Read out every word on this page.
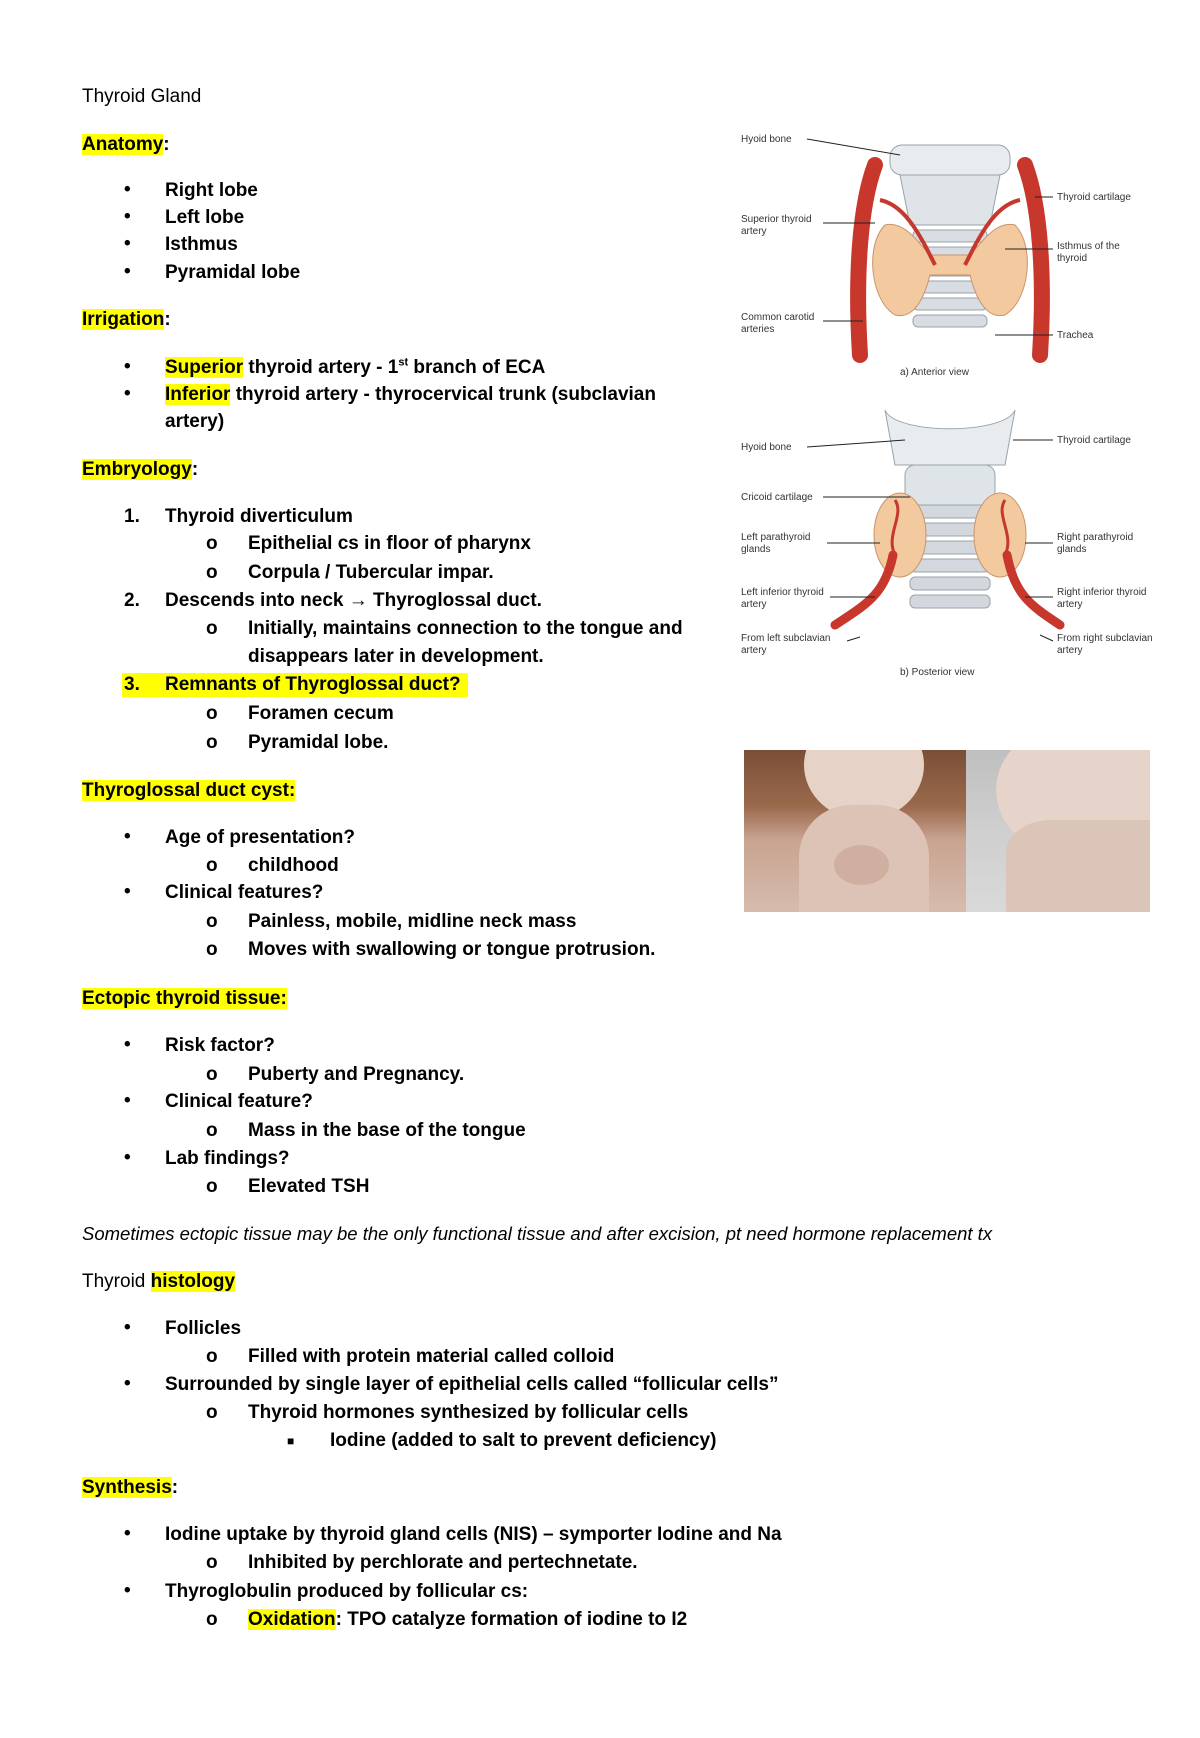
Thyroid Gland
Anatomy:
• Right lobe
• Left lobe
• Isthmus
• Pyramidal lobe
Irrigation:
• Superior thyroid artery - 1st branch of ECA
• Inferior thyroid artery - thyrocervical trunk (subclavian
artery)
Embryology:
1. Thyroid diverticulum
o Epithelial cs in floor of pharynx
o Corpula / Tubercular impar.
2. Descends into neck → Thyroglossal duct.
o Initially, maintains connection to the tongue and
disappears later in development.
3. Remnants of Thyroglossal duct?
o Foramen cecum
o Pyramidal lobe.
Thyroglossal duct cyst:
• Age of presentation?
o childhood
• Clinical features?
o Painless, mobile, midline neck mass
o Moves with swallowing or tongue protrusion.
Ectopic thyroid tissue:
• Risk factor?
o Puberty and Pregnancy.
• Clinical feature?
o Mass in the base of the tongue
• Lab findings?
o Elevated TSH
Sometimes ectopic tissue may be the only functional tissue and after excision, pt need hormone replacement tx
Thyroid histology
• Follicles
o Filled with protein material called colloid
• Surrounded by single layer of epithelial cells called “follicular cells”
o Thyroid hormones synthesized by follicular cells
■ Iodine (added to salt to prevent deficiency)
Synthesis:
• Iodine uptake by thyroid gland cells (NIS) – symporter Iodine and Na
o Inhibited by perchlorate and pertechnetate.
• Thyroglobulin produced by follicular cs:
o Oxidation: TPO catalyze formation of iodine to I2
Hyoid bone
Superior thyroid
artery
Common carotid
arteries
Thyroid cartilage
Isthmus of the
thyroid
Trachea
a) Anterior view
Hyoid bone
Cricoid cartilage
Left parathyroid
glands
Left inferior thyroid
artery
From left subclavian
artery
Thyroid cartilage
Right parathyroid
glands
Right inferior thyroid
artery
From right subclavian
artery
b) Posterior view
